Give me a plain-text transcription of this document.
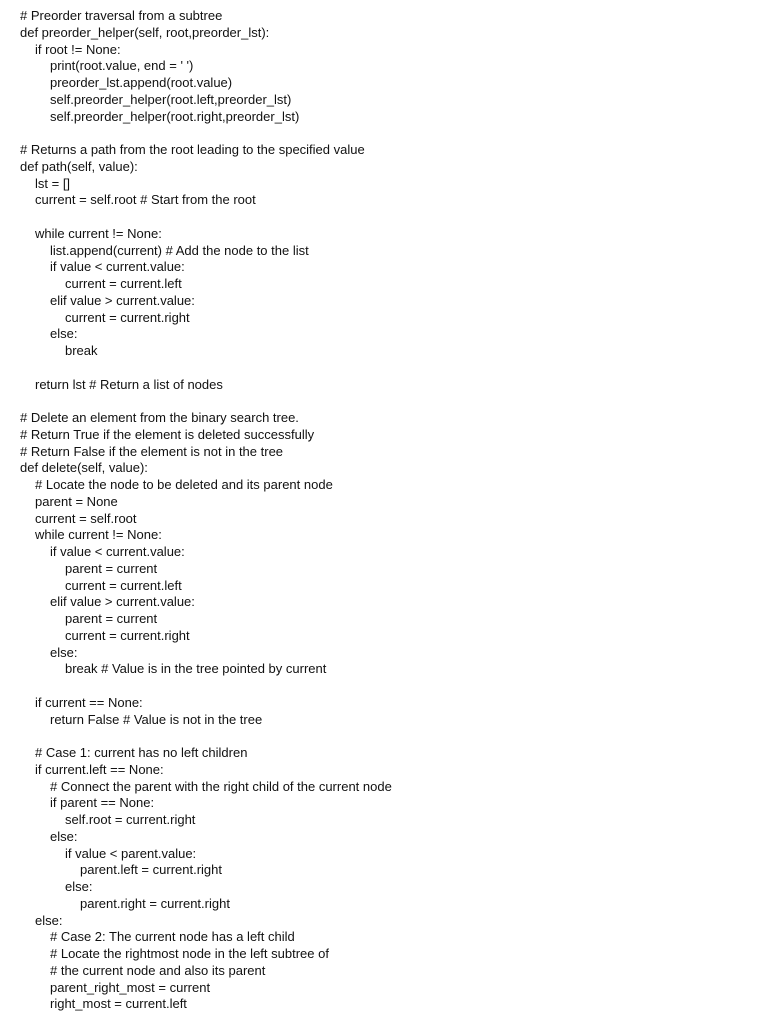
# Preorder traversal from a subtree
def preorder_helper(self, root,preorder_lst):
if root != None:
print(root.value, end = ' ')
preorder_lst.append(root.value)
self.preorder_helper(root.left,preorder_lst)
self.preorder_helper(root.right,preorder_lst)
# Returns a path from the root leading to the specified value
def path(self, value):
lst = []
current = self.root # Start from the root
while current != None:
list.append(current) # Add the node to the list
if value < current.value:
current = current.left
elif value > current.value:
current = current.right
else:
break
return lst # Return a list of nodes
# Delete an element from the binary search tree.
# Return True if the element is deleted successfully
# Return False if the element is not in the tree
def delete(self, value):
# Locate the node to be deleted and its parent node
parent = None
current = self.root
while current != None:
if value < current.value:
parent = current
current = current.left
elif value > current.value:
parent = current
current = current.right
else:
break # Value is in the tree pointed by current
if current == None:
return False # Value is not in the tree
# Case 1: current has no left children
if current.left == None:
# Connect the parent with the right child of the current node
if parent == None:
self.root = current.right
else:
if value < parent.value:
parent.left = current.right
else:
parent.right = current.right
else:
# Case 2: The current node has a left child
# Locate the rightmost node in the left subtree of
# the current node and also its parent
parent_right_most = current
right_most = current.left
